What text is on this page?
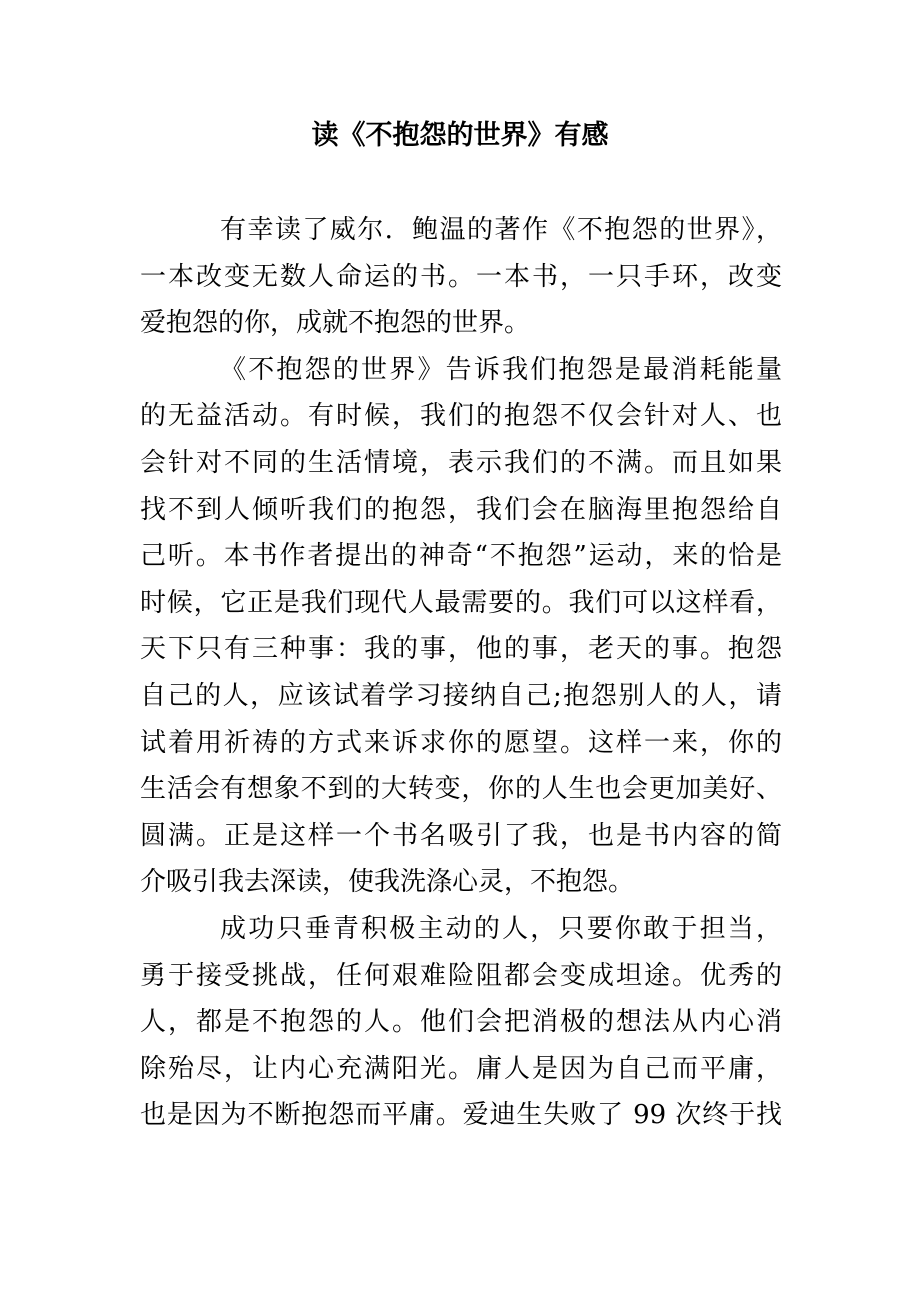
读《不抱怨的世界》有感
有幸读了威尔．鲍温的著作《不抱怨的世界》，
一本改变无数人命运的书。一本书，一只手环，改变
爱抱怨的你，成就不抱怨的世界。
《不抱怨的世界》告诉我们抱怨是最消耗能量
的无益活动。有时候，我们的抱怨不仅会针对人、也
会针对不同的生活情境，表示我们的不满。而且如果
找不到人倾听我们的抱怨，我们会在脑海里抱怨给自
己听。本书作者提出的神奇“不抱怨”运动，来的恰是
时候，它正是我们现代人最需要的。我们可以这样看，
天下只有三种事：我的事，他的事，老天的事。抱怨
自己的人，应该试着学习接纳自己;抱怨别人的人，请
试着用祈祷的方式来诉求你的愿望。这样一来，你的
生活会有想象不到的大转变，你的人生也会更加美好、
圆满。正是这样一个书名吸引了我，也是书内容的简
介吸引我去深读，使我洗涤心灵，不抱怨。
成功只垂青积极主动的人，只要你敢于担当，
勇于接受挑战，任何艰难险阻都会变成坦途。优秀的
人，都是不抱怨的人。他们会把消极的想法从内心消
除殆尽，让内心充满阳光。庸人是因为自己而平庸，
也是因为不断抱怨而平庸。爱迪生失败了 99 次终于找
